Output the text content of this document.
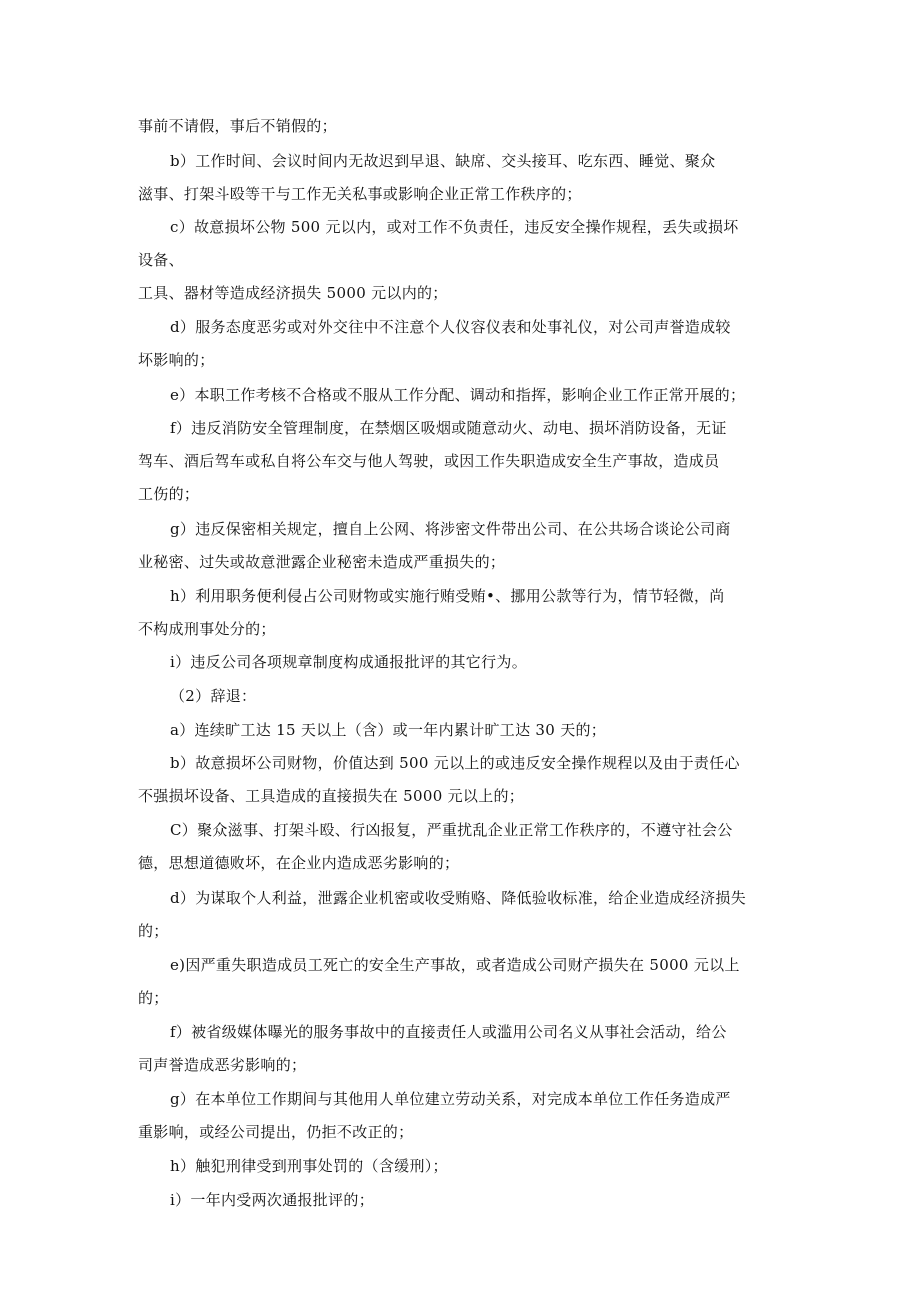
事前不请假，事后不销假的；
b）工作时间、会议时间内无故迟到早退、缺席、交头接耳、吃东西、睡觉、聚众
滋事、打架斗殴等干与工作无关私事或影响企业正常工作秩序的；
c）故意损坏公物 500 元以内，或对工作不负责任，违反安全操作规程，丢失或损坏
设备、
工具、器材等造成经济损失 5000 元以内的；
d）服务态度恶劣或对外交往中不注意个人仪容仪表和处事礼仪，对公司声誉造成较
坏影响的；
e）本职工作考核不合格或不服从工作分配、调动和指挥，影响企业工作正常开展的；
f）违反消防安全管理制度，在禁烟区吸烟或随意动火、动电、损坏消防设备，无证
驾车、酒后驾车或私自将公车交与他人驾驶，或因工作失职造成安全生产事故，造成员
工伤的；
g）违反保密相关规定，擅自上公网、将涉密文件带出公司、在公共场合谈论公司商
业秘密、过失或故意泄露企业秘密未造成严重损失的；
h）利用职务便利侵占公司财物或实施行贿受贿•、挪用公款等行为，情节轻微，尚
不构成刑事处分的；
i）违反公司各项规章制度构成通报批评的其它行为。
（2）辞退：
a）连续旷工达 15 天以上（含）或一年内累计旷工达 30 天的；
b）故意损坏公司财物，价值达到 500 元以上的或违反安全操作规程以及由于责任心
不强损坏设备、工具造成的直接损失在 5000 元以上的；
C）聚众滋事、打架斗殴、行凶报复，严重扰乱企业正常工作秩序的，不遵守社会公
德，思想道德败坏，在企业内造成恶劣影响的；
d）为谋取个人利益，泄露企业机密或收受贿赂、降低验收标准，给企业造成经济损失
的；
e)因严重失职造成员工死亡的安全生产事故，或者造成公司财产损失在 5000 元以上
的；
f）被省级媒体曝光的服务事故中的直接责任人或滥用公司名义从事社会活动，给公
司声誉造成恶劣影响的；
g）在本单位工作期间与其他用人单位建立劳动关系，对完成本单位工作任务造成严
重影响，或经公司提出，仍拒不改正的；
h）触犯刑律受到刑事处罚的（含缓刑）；
i）一年内受两次通报批评的；
